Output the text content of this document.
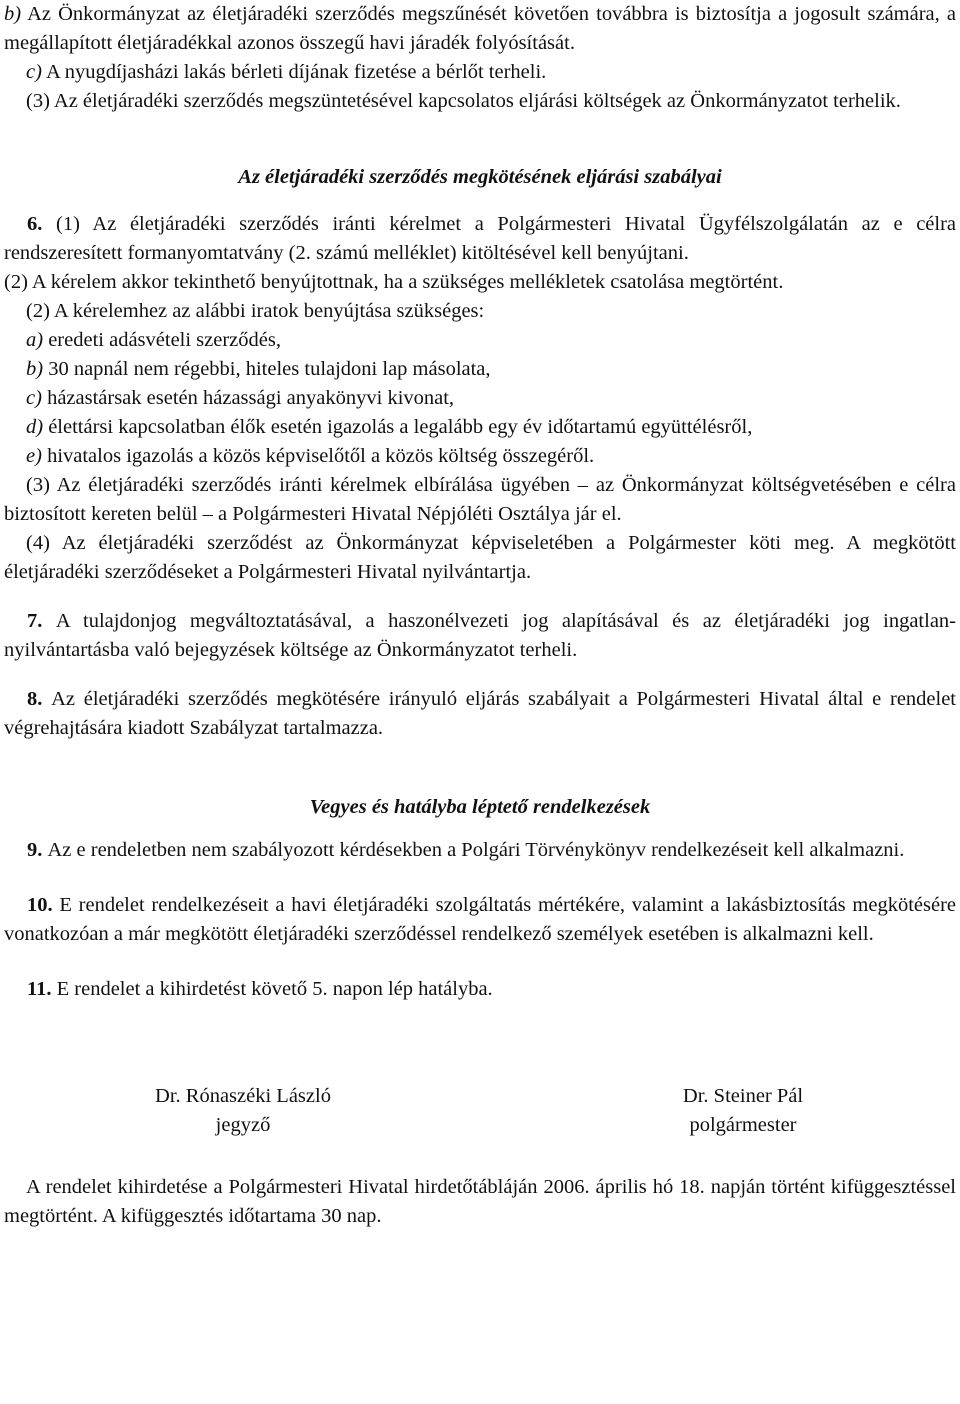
b) Az Önkormányzat az életjáradéki szerződés megszűnését követően továbbra is biztosítja a jogosult számára, a megállapított életjáradékkal azonos összegű havi járadék folyósítását.

c) A nyugdíjasházi lakás bérleti díjának fizetése a bérlőt terheli.

(3) Az életjáradéki szerződés megszüntetésével kapcsolatos eljárási költségek az Önkormányzatot terhelik.

Az életjáradéki szerződés megkötésének eljárási szabályai

6. (1) Az életjáradéki szerződés iránti kérelmet a Polgármesteri Hivatal Ügyfélszolgálatán az e célra rendszeresített formanyomtatvány (2. számú melléklet) kitöltésével kell benyújtani.

(2) A kérelem akkor tekinthető benyújtottnak, ha a szükséges mellékletek csatolása megtörtént.

(2) A kérelemhez az alábbi iratok benyújtása szükséges:

a) eredeti adásvételi szerződés,

b) 30 napnál nem régebbi, hiteles tulajdoni lap másolata,

c) házastársak esetén házassági anyakönyvi kivonat,

d) élettársi kapcsolatban élők esetén igazolás a legalább egy év időtartamú együttélésről,

e) hivatalos igazolás a közös képviselőtől a közös költség összegéről.

(3) Az életjáradéki szerződés iránti kérelmek elbírálása ügyében – az Önkormányzat költségvetésében e célra biztosított kereten belül – a Polgármesteri Hivatal Népjóléti Osztálya jár el.

(4) Az életjáradéki szerződést az Önkormányzat képviseletében a Polgármester köti meg. A megkötött életjáradéki szerződéseket a Polgármesteri Hivatal nyilvántartja.

7. A tulajdonjog megváltoztatásával, a haszonélvezeti jog alapításával és az életjáradéki jog ingatlan-nyilvántartásba való bejegyzések költsége az Önkormányzatot terheli.

8. Az életjáradéki szerződés megkötésére irányuló eljárás szabályait a Polgármesteri Hivatal által e rendelet végrehajtására kiadott Szabályzat tartalmazza.

Vegyes és hatályba léptető rendelkezések

9. Az e rendeletben nem szabályozott kérdésekben a Polgári Törvénykönyv rendelkezéseit kell alkalmazni.

10. E rendelet rendelkezéseit a havi életjáradéki szolgáltatás mértékére, valamint a lakásbiztosítás megkötésére vonatkozóan a már megkötött életjáradéki szerződéssel rendelkező személyek esetében is alkalmazni kell.

11. E rendelet a kihirdetést követő 5. napon lép hatályba.

Dr. Rónaszéki László
jegyző
Dr. Steiner Pál
polgármester

A rendelet kihirdetése a Polgármesteri Hivatal hirdetőtábláján 2006. április hó 18. napján történt kifüggesztéssel megtörtént. A kifüggesztés időtartama 30 nap.
